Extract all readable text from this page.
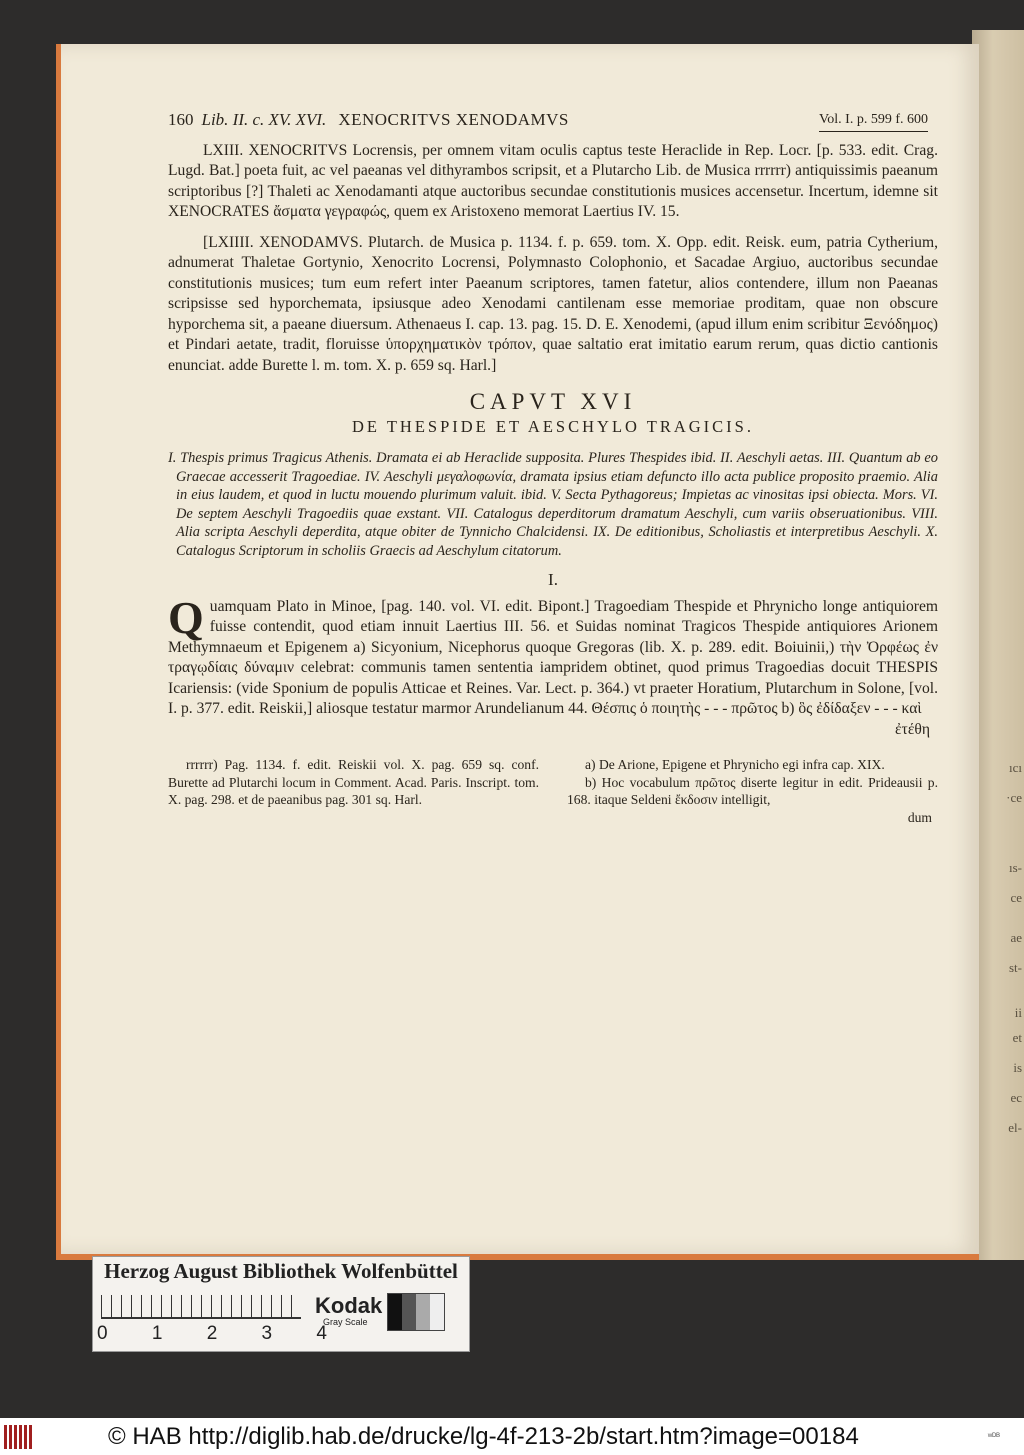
ıcı
·ce
ıs-
ce
ae
st-
ii
et
is
ec
el-
160 Lib. II. c. XV. XVI. XENOCRITVS XENODAMVS	Vol. I. p. 599 f. 600

LXIII. XENOCRITVS Locrensis, per omnem vitam oculis captus teste Heraclide in Rep. Locr. [p. 533. edit. Crag. Lugd. Bat.] poeta fuit, ac vel paeanas vel dithyrambos scripsit, et a Plutarcho Lib. de Musica rrrrrr) antiquissimis paeanum scriptoribus [?] Thaleti ac Xenodamanti atque auctoribus secundae constitutionis musices accensetur. Incertum, idemne sit XENOCRATES ἄσματα γεγραφώς, quem ex Aristoxeno memorat Laertius IV. 15.

[LXIIII. XENODAMVS. Plutarch. de Musica p. 1134. f. p. 659. tom. X. Opp. edit. Reisk. eum, patria Cytherium, adnumerat Thaletae Gortynio, Xenocrito Locrensi, Polymnasto Colophonio, et Sacadae Argiuo, auctoribus secundae constitutionis musices; tum eum refert inter Paeanum scriptores, tamen fatetur, alios contendere, illum non Paeanas scripsisse sed hyporchemata, ipsiusque adeo Xenodami cantilenam esse memoriae proditam, quae non obscure hyporchema sit, a paeane diuersum. Athenaeus I. cap. 13. pag. 15. D. E. Xenodemi, (apud illum enim scribitur Ξενόδημος) et Pindari aetate, tradit, floruisse ὑπορχηματικὸν τρόπον, quae saltatio erat imitatio earum rerum, quas dictio cantionis enunciat. adde Burette l. m. tom. X. p. 659 sq. Harl.]

CAPVT XVI
DE THESPIDE ET AESCHYLO TRAGICIS.

I. Thespis primus Tragicus Athenis. Dramata ei ab Heraclide supposita. Plures Thespides ibid. II. Aeschyli aetas. III. Quantum ab eo Graecae accesserit Tragoediae. IV. Aeschyli μεγαλοφωνία, dramata ipsius etiam defuncto illo acta publice proposito praemio. Alia in eius laudem, et quod in luctu mouendo plurimum valuit. ibid. V. Secta Pythagoreus; Impietas ac vinositas ipsi obiecta. Mors. VI. De septem Aeschyli Tragoediis quae exstant. VII. Catalogus deperditorum dramatum Aeschyli, cum variis obseruationibus. VIII. Alia scripta Aeschyli deperdita, atque obiter de Tynnicho Chalcidensi. IX. De editionibus, Scholiastis et interpretibus Aeschyli. X. Catalogus Scriptorum in scholiis Graecis ad Aeschylum citatorum.

I.
Q uamquam Plato in Minoe, [pag. 140. vol. VI. edit. Bipont.] Tragoediam Thespide et Phrynicho longe antiquiorem fuisse contendit, quod etiam innuit Laertius III. 56. et Suidas nominat Tragicos Thespide antiquiores Arionem Methymnaeum et Epigenem a) Sicyonium, Nicephorus quoque Gregoras (lib. X. p. 289. edit. Boiuinii,) τὴν Ὀρφέως ἐν τραγῳδίαις δύναμιν celebrat: communis tamen sententia iampridem obtinet, quod primus Tragoedias docuit THESPIS Icariensis: (vide Sponium de populis Atticae et Reines. Var. Lect. p. 364.) vt praeter Horatium, Plutarchum in Solone, [vol. I. p. 377. edit. Reiskii,] aliosque testatur marmor Arundelianum 44. Θέσπις ὁ ποιητὴς - - - πρῶτος b) ὃς ἐδίδαξεν - - - καὶ

ἐτέθη

rrrrrr) Pag. 1134. f. edit. Reiskii vol. X. pag. 659 sq. conf. Burette ad Plutarchi locum in Comment. Acad. Paris. Inscript. tom. X. pag. 298. et de paeanibus pag. 301 sq. Harl.

a) De Arione, Epigene et Phrynicho egi infra cap. XIX.

b) Hoc vocabulum πρῶτος diserte legitur in edit. Prideausii p. 168. itaque Seldeni ἔκδοσιν intelligit,

dum

Herzog August Bibliothek Wolfenbüttel
0 1 2 3 4
Kodak
Gray Scale
© HAB http://diglib.hab.de/drucke/lg-4f-213-2b/start.htm?image=00184	ʷᴰᴮ
